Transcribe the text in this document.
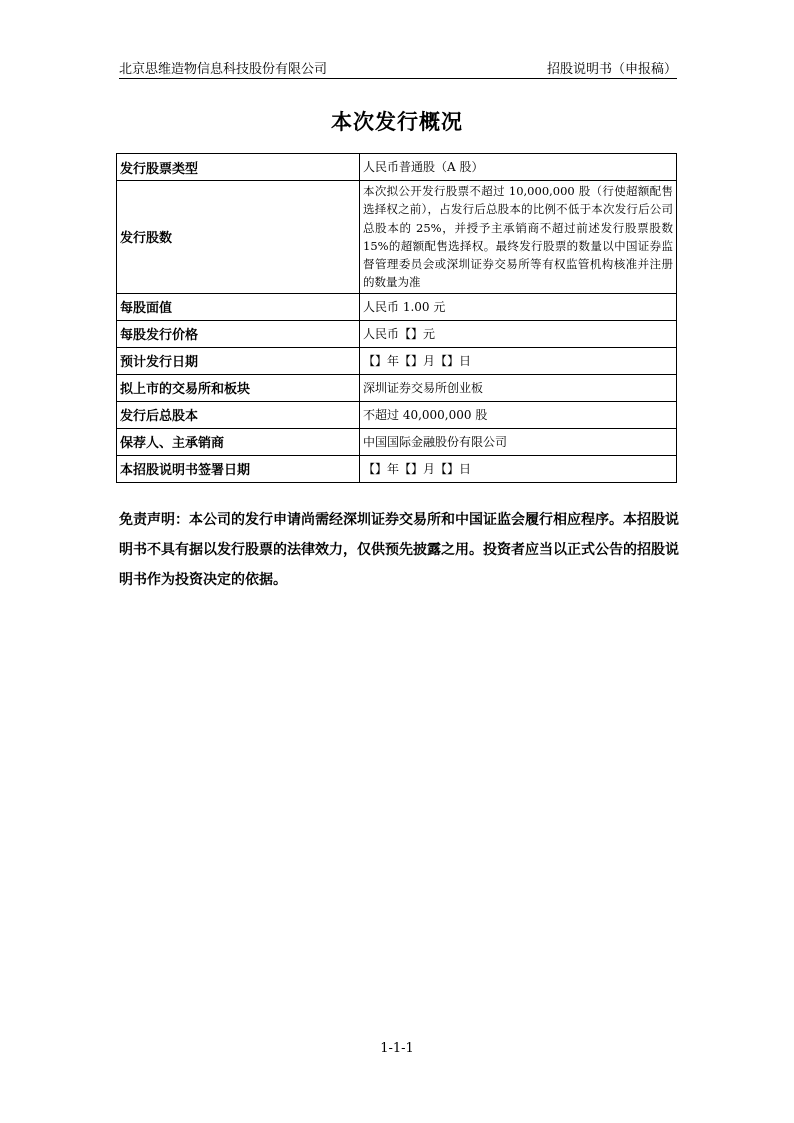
北京思维造物信息科技股份有限公司	招股说明书（申报稿）
本次发行概况
发行股票类型	人民币普通股（A 股）
发行股数	本次拟公开发行股票不超过 10,000,000 股（行使超额配售选择权之前），占发行后总股本的比例不低于本次发行后公司总股本的 25%，并授予主承销商不超过前述发行股票股数 15%的超额配售选择权。最终发行股票的数量以中国证券监督管理委员会或深圳证券交易所等有权监管机构核准并注册的数量为准
每股面值	人民币 1.00 元
每股发行价格	人民币【】元
预计发行日期	【】年【】月【】日
拟上市的交易所和板块	深圳证券交易所创业板
发行后总股本	不超过 40,000,000 股
保荐人、主承销商	中国国际金融股份有限公司
本招股说明书签署日期	【】年【】月【】日
免责声明：本公司的发行申请尚需经深圳证券交易所和中国证监会履行相应程序。本招股说明书不具有据以发行股票的法律效力，仅供预先披露之用。投资者应当以正式公告的招股说明书作为投资决定的依据。
1-1-1
